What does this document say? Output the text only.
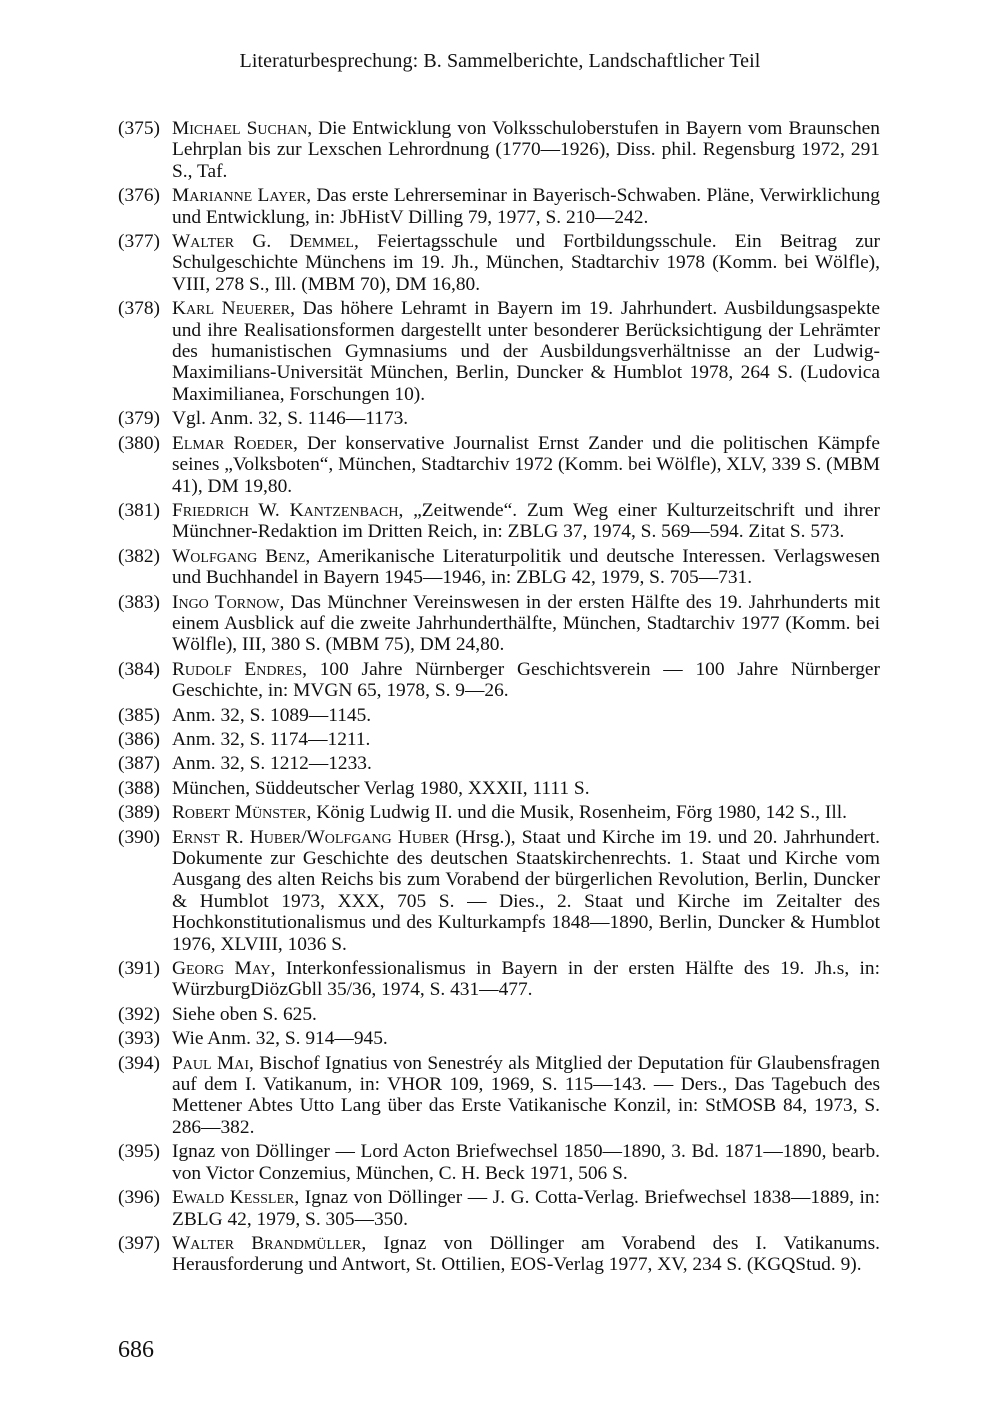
Literaturbesprechung: B. Sammelberichte, Landschaftlicher Teil
(375) Michael Suchan, Die Entwicklung von Volksschuloberstufen in Bayern vom Braunschen Lehrplan bis zur Lexschen Lehrordnung (1770—1926), Diss. phil. Regensburg 1972, 291 S., Taf.
(376) Marianne Layer, Das erste Lehrerseminar in Bayerisch-Schwaben. Pläne, Verwirklichung und Entwicklung, in: JbHistV Dilling 79, 1977, S. 210—242.
(377) Walter G. Demmel, Feiertagsschule und Fortbildungsschule. Ein Beitrag zur Schulgeschichte Münchens im 19. Jh., München, Stadtarchiv 1978 (Komm. bei Wölfle), VIII, 278 S., Ill. (MBM 70), DM 16,80.
(378) Karl Neuerer, Das höhere Lehramt in Bayern im 19. Jahrhundert. Ausbildungsaspekte und ihre Realisationsformen dargestellt unter besonderer Berücksichtigung der Lehrämter des humanistischen Gymnasiums und der Ausbildungsverhältnisse an der Ludwig-Maximilians-Universität München, Berlin, Duncker & Humblot 1978, 264 S. (Ludovica Maximilianea, Forschungen 10).
(379) Vgl. Anm. 32, S. 1146—1173.
(380) Elmar Roeder, Der konservative Journalist Ernst Zander und die politischen Kämpfe seines „Volksboten“, München, Stadtarchiv 1972 (Komm. bei Wölfle), XLV, 339 S. (MBM 41), DM 19,80.
(381) Friedrich W. Kantzenbach, „Zeitwende“. Zum Weg einer Kulturzeitschrift und ihrer Münchner-Redaktion im Dritten Reich, in: ZBLG 37, 1974, S. 569—594. Zitat S. 573.
(382) Wolfgang Benz, Amerikanische Literaturpolitik und deutsche Interessen. Verlagswesen und Buchhandel in Bayern 1945—1946, in: ZBLG 42, 1979, S. 705—731.
(383) Ingo Tornow, Das Münchner Vereinswesen in der ersten Hälfte des 19. Jahrhunderts mit einem Ausblick auf die zweite Jahrhunderthälfte, München, Stadtarchiv 1977 (Komm. bei Wölfle), III, 380 S. (MBM 75), DM 24,80.
(384) Rudolf Endres, 100 Jahre Nürnberger Geschichtsverein — 100 Jahre Nürnberger Geschichte, in: MVGN 65, 1978, S. 9—26.
(385) Anm. 32, S. 1089—1145.
(386) Anm. 32, S. 1174—1211.
(387) Anm. 32, S. 1212—1233.
(388) München, Süddeutscher Verlag 1980, XXXII, 1111 S.
(389) Robert Münster, König Ludwig II. und die Musik, Rosenheim, Förg 1980, 142 S., Ill.
(390) Ernst R. Huber/Wolfgang Huber (Hrsg.), Staat und Kirche im 19. und 20. Jahrhundert. Dokumente zur Geschichte des deutschen Staatskirchenrechts. 1. Staat und Kirche vom Ausgang des alten Reichs bis zum Vorabend der bürgerlichen Revolution, Berlin, Duncker & Humblot 1973, XXX, 705 S. — Dies., 2. Staat und Kirche im Zeitalter des Hochkonstitutionalismus und des Kulturkampfs 1848—1890, Berlin, Duncker & Humblot 1976, XLVIII, 1036 S.
(391) Georg May, Interkonfessionalismus in Bayern in der ersten Hälfte des 19. Jh.s, in: WürzburgDiözGbll 35/36, 1974, S. 431—477.
(392) Siehe oben S. 625.
(393) Wie Anm. 32, S. 914—945.
(394) Paul Mai, Bischof Ignatius von Senestréy als Mitglied der Deputation für Glaubensfragen auf dem I. Vatikanum, in: VHOR 109, 1969, S. 115—143. — Ders., Das Tagebuch des Mettener Abtes Utto Lang über das Erste Vatikanische Konzil, in: StMOSB 84, 1973, S. 286—382.
(395) Ignaz von Döllinger — Lord Acton Briefwechsel 1850—1890, 3. Bd. 1871—1890, bearb. von Victor Conzemius, München, C. H. Beck 1971, 506 S.
(396) Ewald Kessler, Ignaz von Döllinger — J. G. Cotta-Verlag. Briefwechsel 1838—1889, in: ZBLG 42, 1979, S. 305—350.
(397) Walter Brandmüller, Ignaz von Döllinger am Vorabend des I. Vatikanums. Herausforderung und Antwort, St. Ottilien, EOS-Verlag 1977, XV, 234 S. (KGQStud. 9).
686
